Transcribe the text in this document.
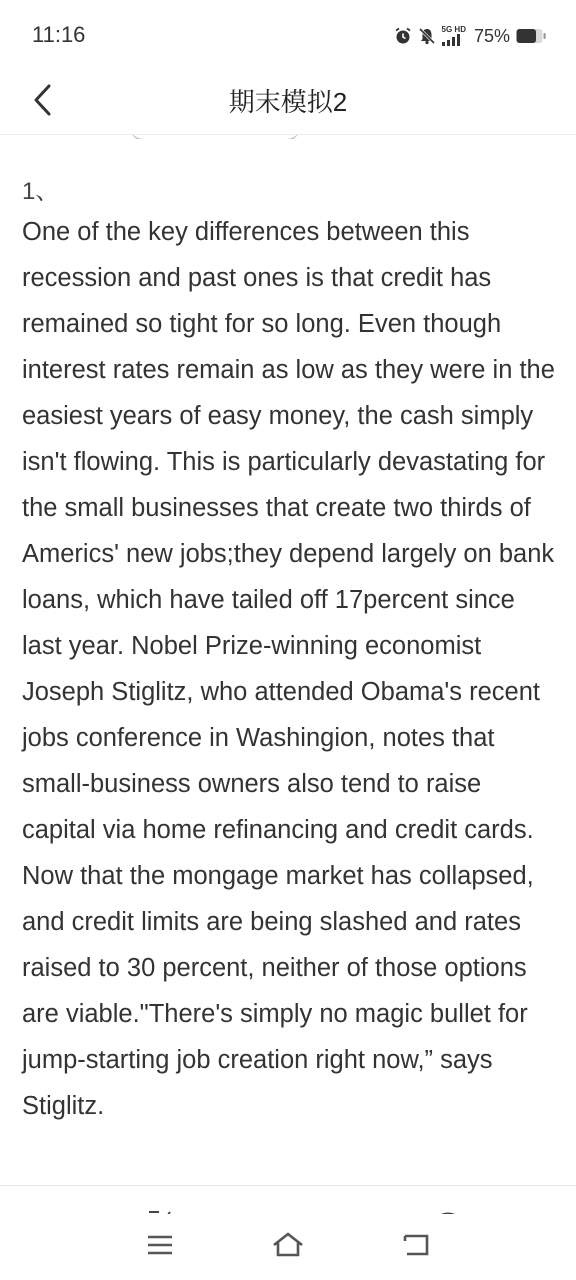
11:16	5G HD 75%
期末模拟2
1、
One of the key differences between this recession and past ones is that credit has remained so tight for so long. Even though interest rates remain as low as they were in the easiest years of easy money, the cash simply isn't flowing. This is particularly devastating for the small businesses that create two thirds of Americs' new jobs;they depend largely on bank loans, which have tailed off 17percent since last year. Nobel Prize-winning economist Joseph Stiglitz, who attended Obama's recent jobs conference in Washingion, notes that small-business owners also tend to raise capital via home refinancing and credit cards. Now that the mongage market has collapsed, and credit limits are being slashed and rates raised to 30 percent, neither of those options are viable."There's simply no magic bullet for jump-starting job creation right now,” says Stiglitz.
